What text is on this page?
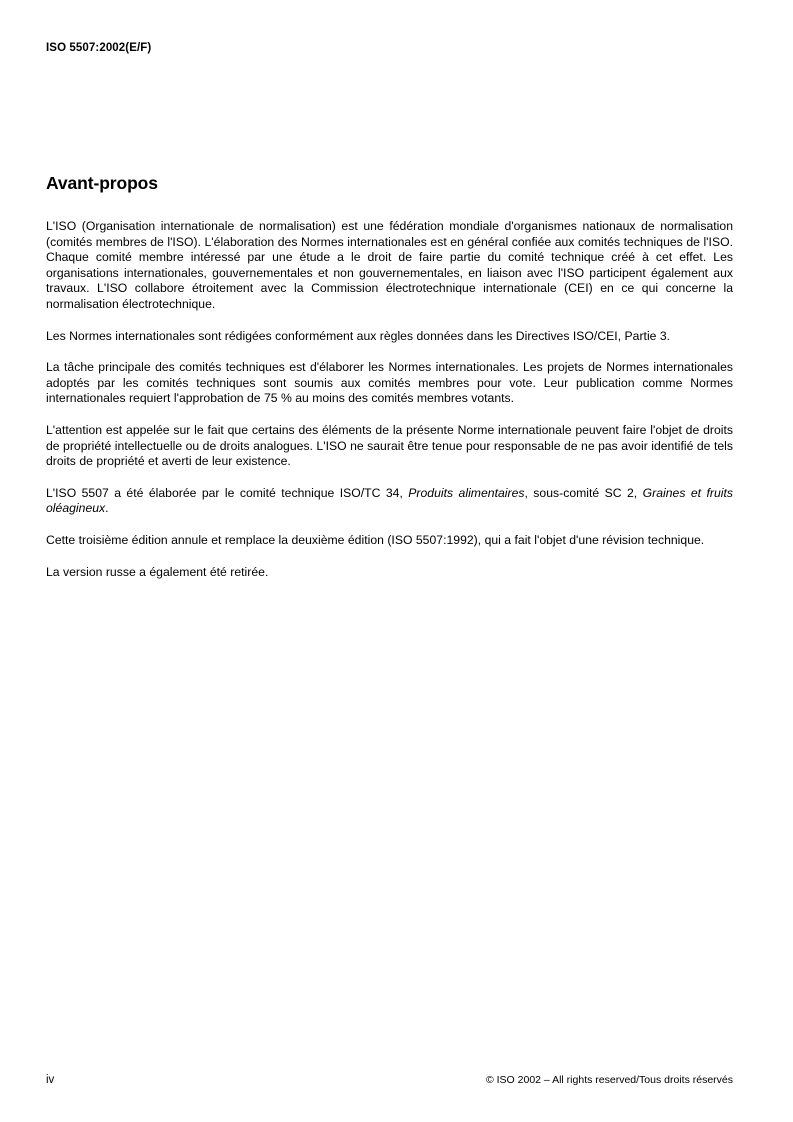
ISO 5507:2002(E/F)
Avant-propos

L'ISO (Organisation internationale de normalisation) est une fédération mondiale d'organismes nationaux de normalisation (comités membres de l'ISO). L'élaboration des Normes internationales est en général confiée aux comités techniques de l'ISO. Chaque comité membre intéressé par une étude a le droit de faire partie du comité technique créé à cet effet. Les organisations internationales, gouvernementales et non gouvernementales, en liaison avec l'ISO participent également aux travaux. L'ISO collabore étroitement avec la Commission électrotechnique internationale (CEI) en ce qui concerne la normalisation électrotechnique.

Les Normes internationales sont rédigées conformément aux règles données dans les Directives ISO/CEI, Partie 3.

La tâche principale des comités techniques est d'élaborer les Normes internationales. Les projets de Normes internationales adoptés par les comités techniques sont soumis aux comités membres pour vote. Leur publication comme Normes internationales requiert l'approbation de 75 % au moins des comités membres votants.

L'attention est appelée sur le fait que certains des éléments de la présente Norme internationale peuvent faire l'objet de droits de propriété intellectuelle ou de droits analogues. L'ISO ne saurait être tenue pour responsable de ne pas avoir identifié de tels droits de propriété et averti de leur existence.

L'ISO 5507 a été élaborée par le comité technique ISO/TC 34, Produits alimentaires, sous-comité SC 2, Graines et fruits oléagineux.

Cette troisième édition annule et remplace la deuxième édition (ISO 5507:1992), qui a fait l'objet d'une révision technique.

La version russe a également été retirée.

iv	© ISO 2002 – All rights reserved/Tous droits réservés
